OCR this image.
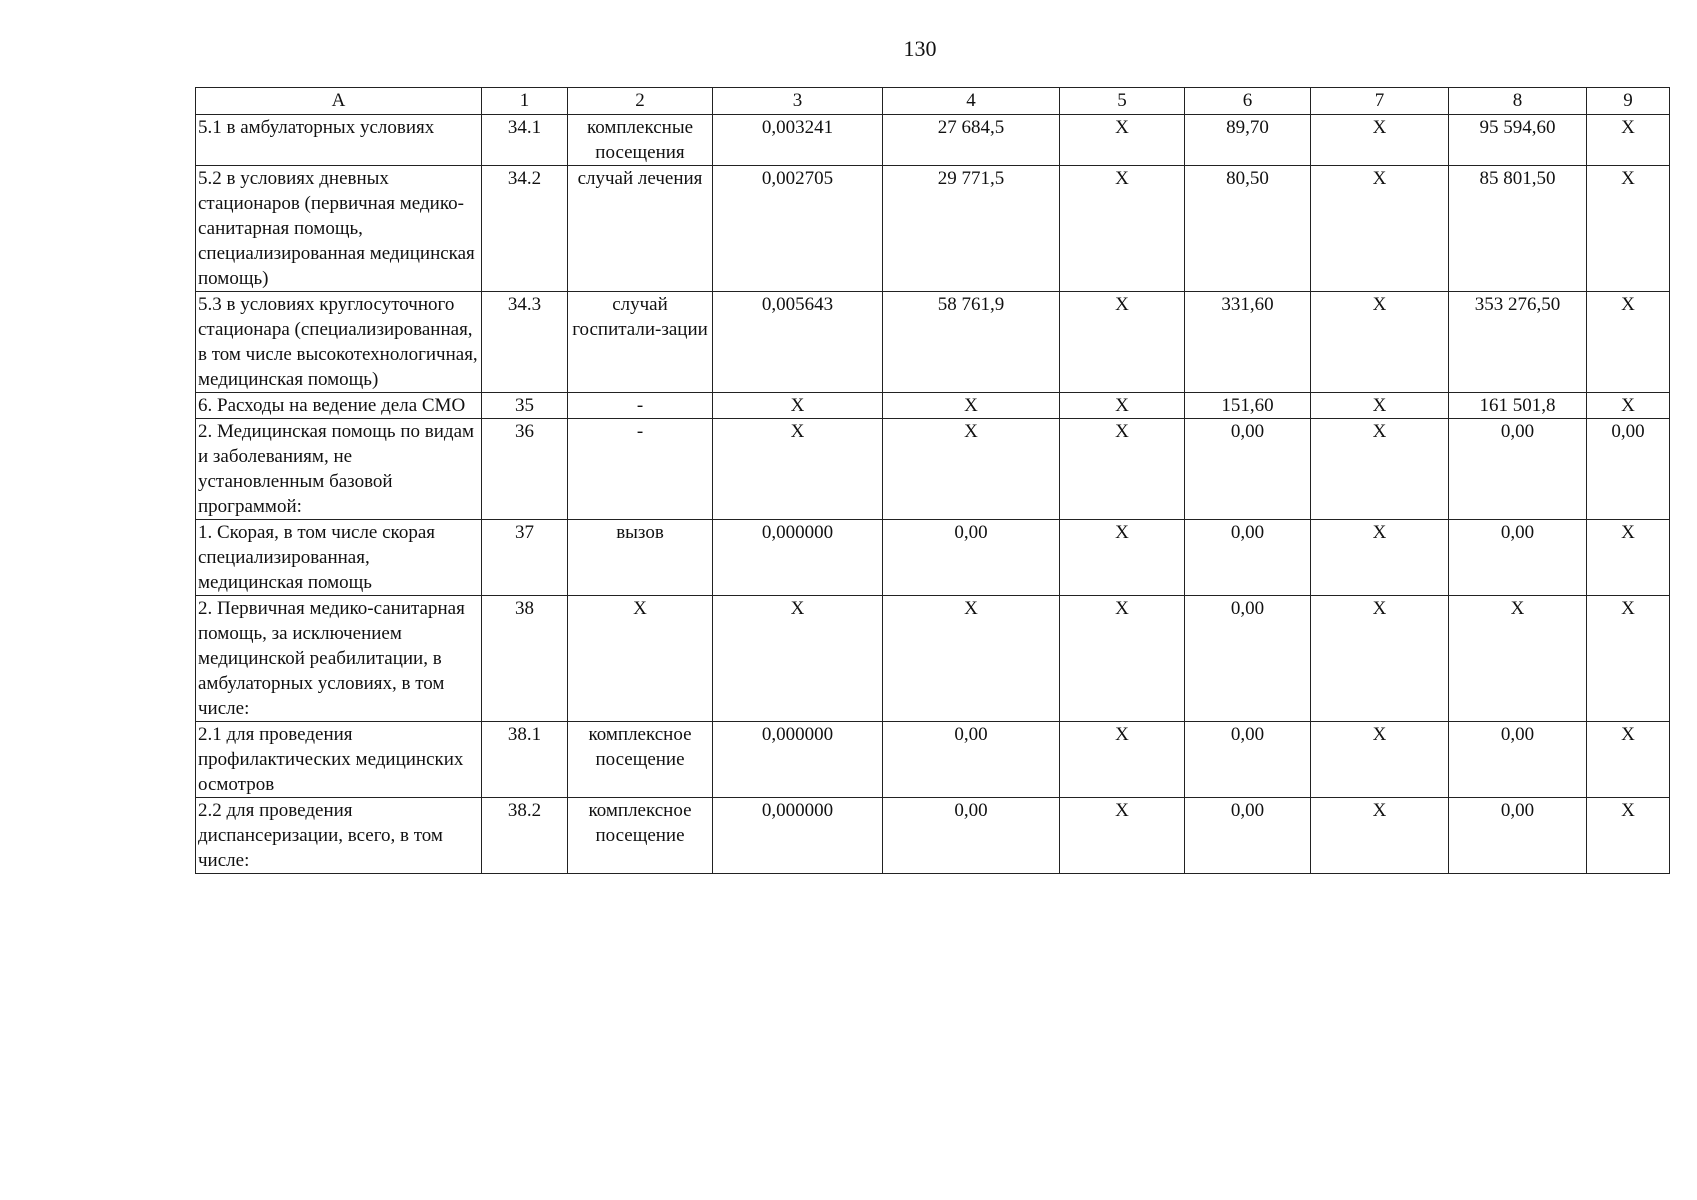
130
А	1	2	3	4	5	6	7	8	9
5.1 в амбулаторных условиях	34.1	комплексные посещения	0,003241	27 684,5	Х	89,70	Х	95 594,60	Х
5.2 в условиях дневных стационаров (первичная медико-санитарная помощь, специализированная медицинская помощь)	34.2	случай лечения	0,002705	29 771,5	Х	80,50	Х	85 801,50	Х
5.3 в условиях круглосуточного стационара (специализированная, в том числе высокотехнологичная, медицинская помощь)	34.3	случай госпитали-зации	0,005643	58 761,9	Х	331,60	Х	353 276,50	Х
6. Расходы на ведение дела СМО	35	-	Х	Х	Х	151,60	Х	161 501,8	Х
2. Медицинская помощь по видам и заболеваниям, не установленным базовой программой:	36	-	Х	Х	Х	0,00	Х	0,00	0,00
1. Скорая, в том числе скорая специализированная, медицинская помощь	37	вызов	0,000000	0,00	Х	0,00	Х	0,00	Х
2. Первичная медико-санитарная помощь, за исключением медицинской реабилитации, в амбулаторных условиях, в том числе:	38	Х	Х	Х	Х	0,00	Х	Х	Х
2.1 для проведения профилактических медицинских осмотров	38.1	комплексное посещение	0,000000	0,00	Х	0,00	Х	0,00	Х
2.2 для проведения диспансеризации, всего, в том числе:	38.2	комплексное посещение	0,000000	0,00	Х	0,00	Х	0,00	Х
